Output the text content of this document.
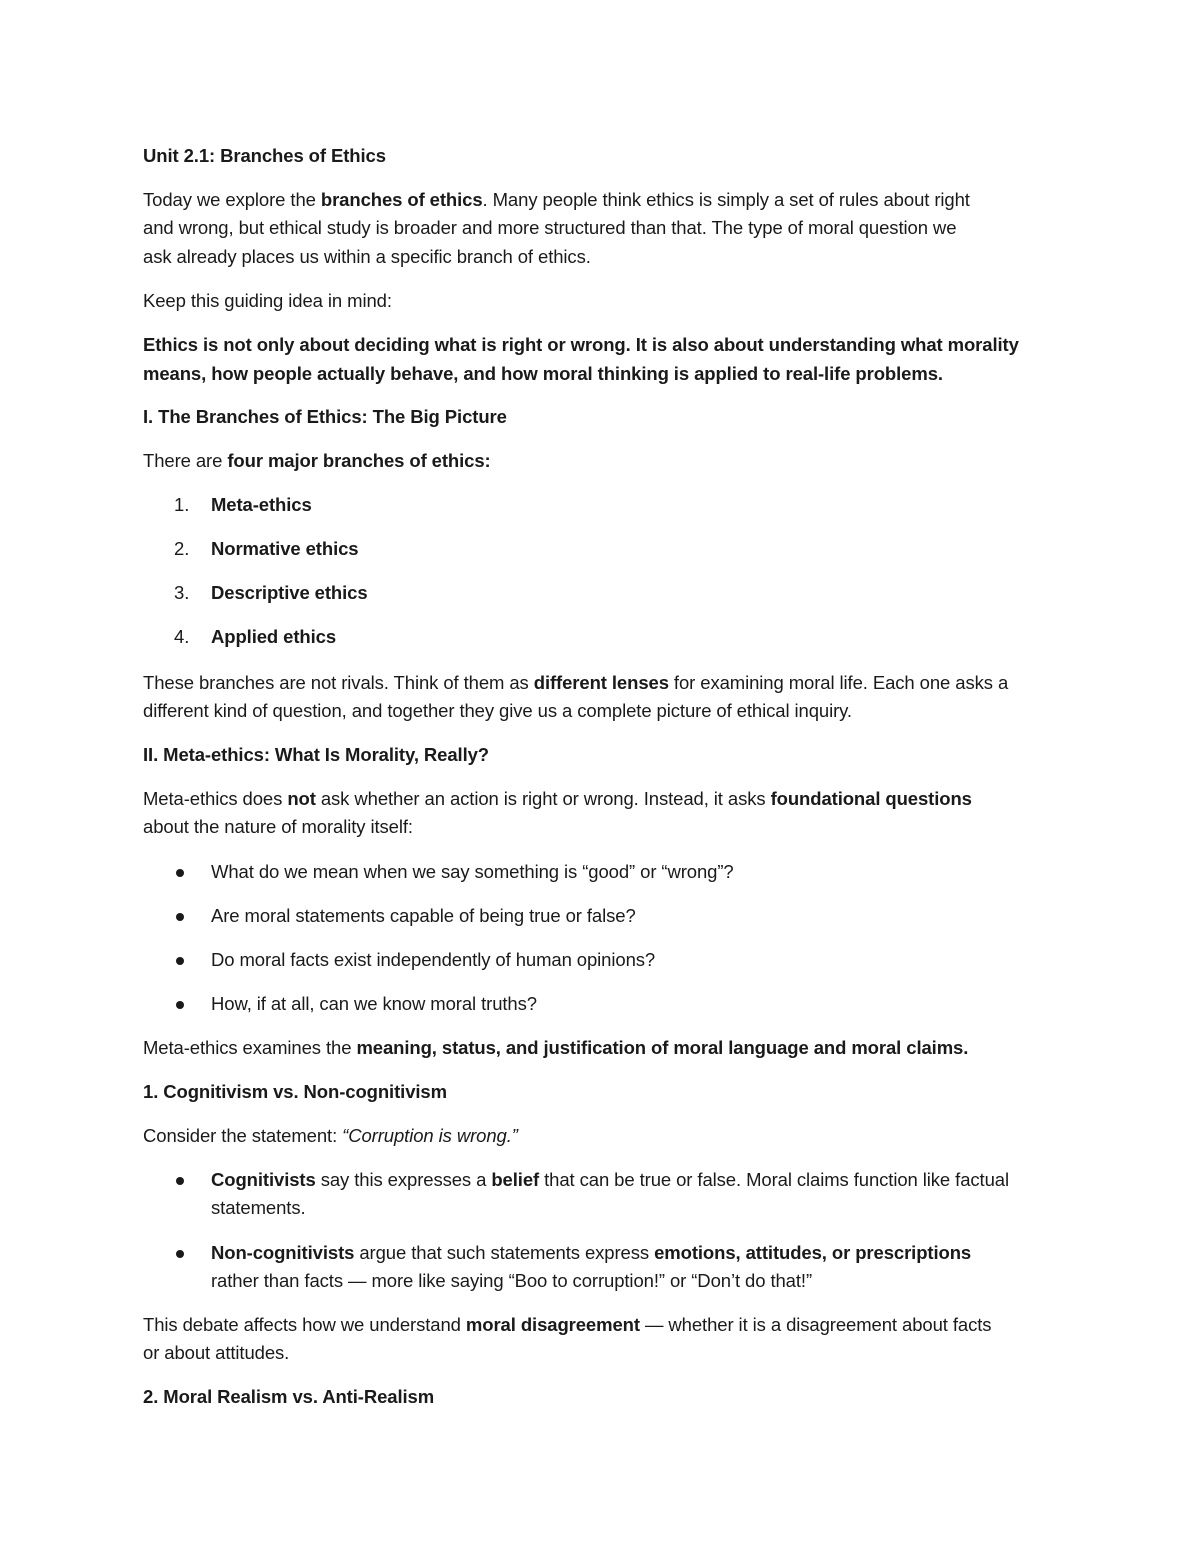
Unit 2.1: Branches of Ethics
Today we explore the branches of ethics. Many people think ethics is simply a set of rules about right
and wrong, but ethical study is broader and more structured than that. The type of moral question we
ask already places us within a specific branch of ethics.
Keep this guiding idea in mind:
Ethics is not only about deciding what is right or wrong. It is also about understanding what morality
means, how people actually behave, and how moral thinking is applied to real-life problems.
I. The Branches of Ethics: The Big Picture
There are four major branches of ethics:
1. Meta-ethics
2. Normative ethics
3. Descriptive ethics
4. Applied ethics
These branches are not rivals. Think of them as different lenses for examining moral life. Each one asks a
different kind of question, and together they give us a complete picture of ethical inquiry.
II. Meta-ethics: What Is Morality, Really?
Meta-ethics does not ask whether an action is right or wrong. Instead, it asks foundational questions
about the nature of morality itself:
What do we mean when we say something is “good” or “wrong”?
Are moral statements capable of being true or false?
Do moral facts exist independently of human opinions?
How, if at all, can we know moral truths?
Meta-ethics examines the meaning, status, and justification of moral language and moral claims.
1. Cognitivism vs. Non-cognitivism
Consider the statement: “Corruption is wrong.”
Cognitivists say this expresses a belief that can be true or false. Moral claims function like factual
statements.
Non-cognitivists argue that such statements express emotions, attitudes, or prescriptions
rather than facts — more like saying “Boo to corruption!” or “Don’t do that!”
This debate affects how we understand moral disagreement — whether it is a disagreement about facts
or about attitudes.
2. Moral Realism vs. Anti-Realism
